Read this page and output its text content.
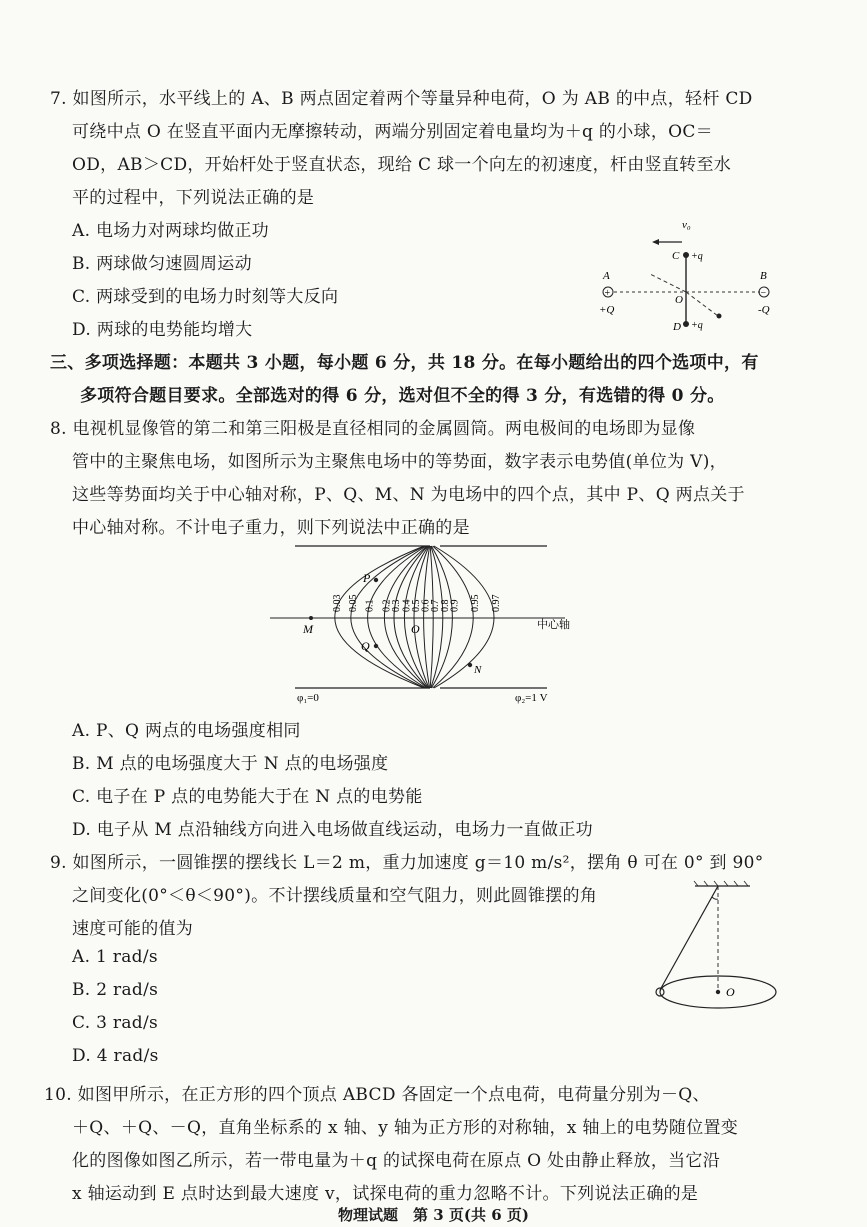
7. 如图所示，水平线上的 A、B 两点固定着两个等量异种电荷，O 为 AB 的中点，轻杆 CD
可绕中点 O 在竖直平面内无摩擦转动，两端分别固定着电量均为＋q 的小球，OC＝
OD，AB＞CD，开始杆处于竖直状态，现给 C 球一个向左的初速度，杆由竖直转至水
平的过程中，下列说法正确的是
A. 电场力对两球均做正功
B. 两球做匀速圆周运动
C. 两球受到的电场力时刻等大反向
D. 两球的电势能均增大
v₀
C +q
A
+
O
D +q
+Q
B
−
-Q
三、多项选择题：本题共 3 小题，每小题 6 分，共 18 分。在每小题给出的四个选项中，有
多项符合题目要求。全部选对的得 6 分，选对但不全的得 3 分，有选错的得 0 分。
8. 电视机显像管的第二和第三阳极是直径相同的金属圆筒。两电极间的电场即为显像
管中的主聚焦电场，如图所示为主聚焦电场中的等势面，数字表示电势值(单位为 V)，
这些等势面均关于中心轴对称，P、Q、M、N 为电场中的四个点，其中 P、Q 两点关于
中心轴对称。不计电子重力，则下列说法中正确的是
0.03 0.05 0.1 0.2
0.3 0.4
0.5
0.6
0.7
0.8
0.9 0.95 0.97
M	O
P
Q
N
中心轴
φ₁=0	φ₂=1 V
A. P、Q 两点的电场强度相同
B. M 点的电场强度大于 N 点的电场强度
C. 电子在 P 点的电势能大于在 N 点的电势能
D. 电子从 M 点沿轴线方向进入电场做直线运动，电场力一直做正功
9. 如图所示，一圆锥摆的摆线长 L＝2 m，重力加速度 g＝10 m/s²，摆角 θ 可在 0° 到 90°
之间变化(0°＜θ＜90°)。不计摆线质量和空气阻力，则此圆锥摆的角
速度可能的值为
A. 1 rad/s
B. 2 rad/s
C. 3 rad/s
D. 4 rad/s
O
10. 如图甲所示，在正方形的四个顶点 ABCD 各固定一个点电荷，电荷量分别为－Q、
＋Q、＋Q、－Q，直角坐标系的 x 轴、y 轴为正方形的对称轴，x 轴上的电势随位置变
化的图像如图乙所示，若一带电量为＋q 的试探电荷在原点 O 处由静止释放，当它沿
x 轴运动到 E 点时达到最大速度 v，试探电荷的重力忽略不计。下列说法正确的是
物理试题　第 3 页(共 6 页)
